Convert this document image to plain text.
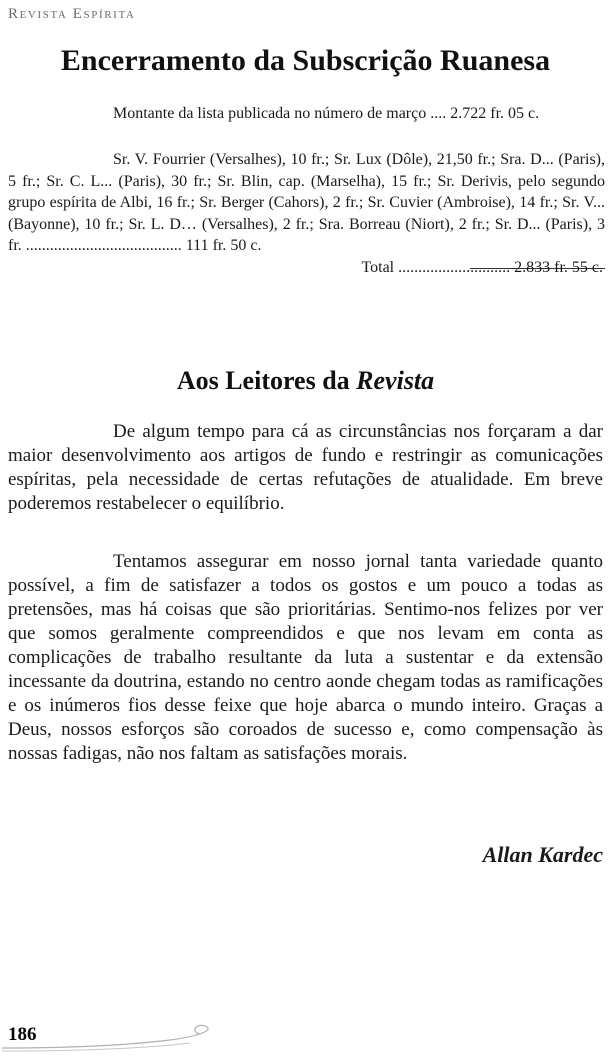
Revista Espírita
Encerramento da Subscrição Ruanesa
Montante da lista publicada no número de março .... 2.722 fr. 05 c.

Sr. V. Fourrier (Versalhes), 10 fr.; Sr. Lux (Dôle), 21,50 fr.; Sra. D... (Paris), 5 fr.; Sr. C. L... (Paris), 30 fr.; Sr. Blin, cap. (Marselha), 15 fr.; Sr. Derivis, pelo segundo grupo espírita de Albi, 16 fr.; Sr. Berger (Cahors), 2 fr.; Sr. Cuvier (Ambroise), 14 fr.; Sr. V... (Bayonne), 10 fr.; Sr. L. D… (Versalhes), 2 fr.; Sra. Borreau (Niort), 2 fr.; Sr. D... (Paris), 3 fr. ....................................... 111 fr. 50 c.

Total ............................ 2.833 fr. 55 c.
Aos Leitores da Revista

De algum tempo para cá as circunstâncias nos forçaram a dar maior desenvolvimento aos artigos de fundo e restringir as comunicações espíritas, pela necessidade de certas refutações de atualidade. Em breve poderemos restabelecer o equilíbrio.

Tentamos assegurar em nosso jornal tanta variedade quanto possível, a fim de satisfazer a todos os gostos e um pouco a todas as pretensões, mas há coisas que são prioritárias. Sentimo-nos felizes por ver que somos geralmente compreendidos e que nos levam em conta as complicações de trabalho resultante da luta a sustentar e da extensão incessante da doutrina, estando no centro aonde chegam todas as ramificações e os inúmeros fios desse feixe que hoje abarca o mundo inteiro. Graças a Deus, nossos esforços são coroados de sucesso e, como compensação às nossas fadigas, não nos faltam as satisfações morais.

Allan Kardec
186
